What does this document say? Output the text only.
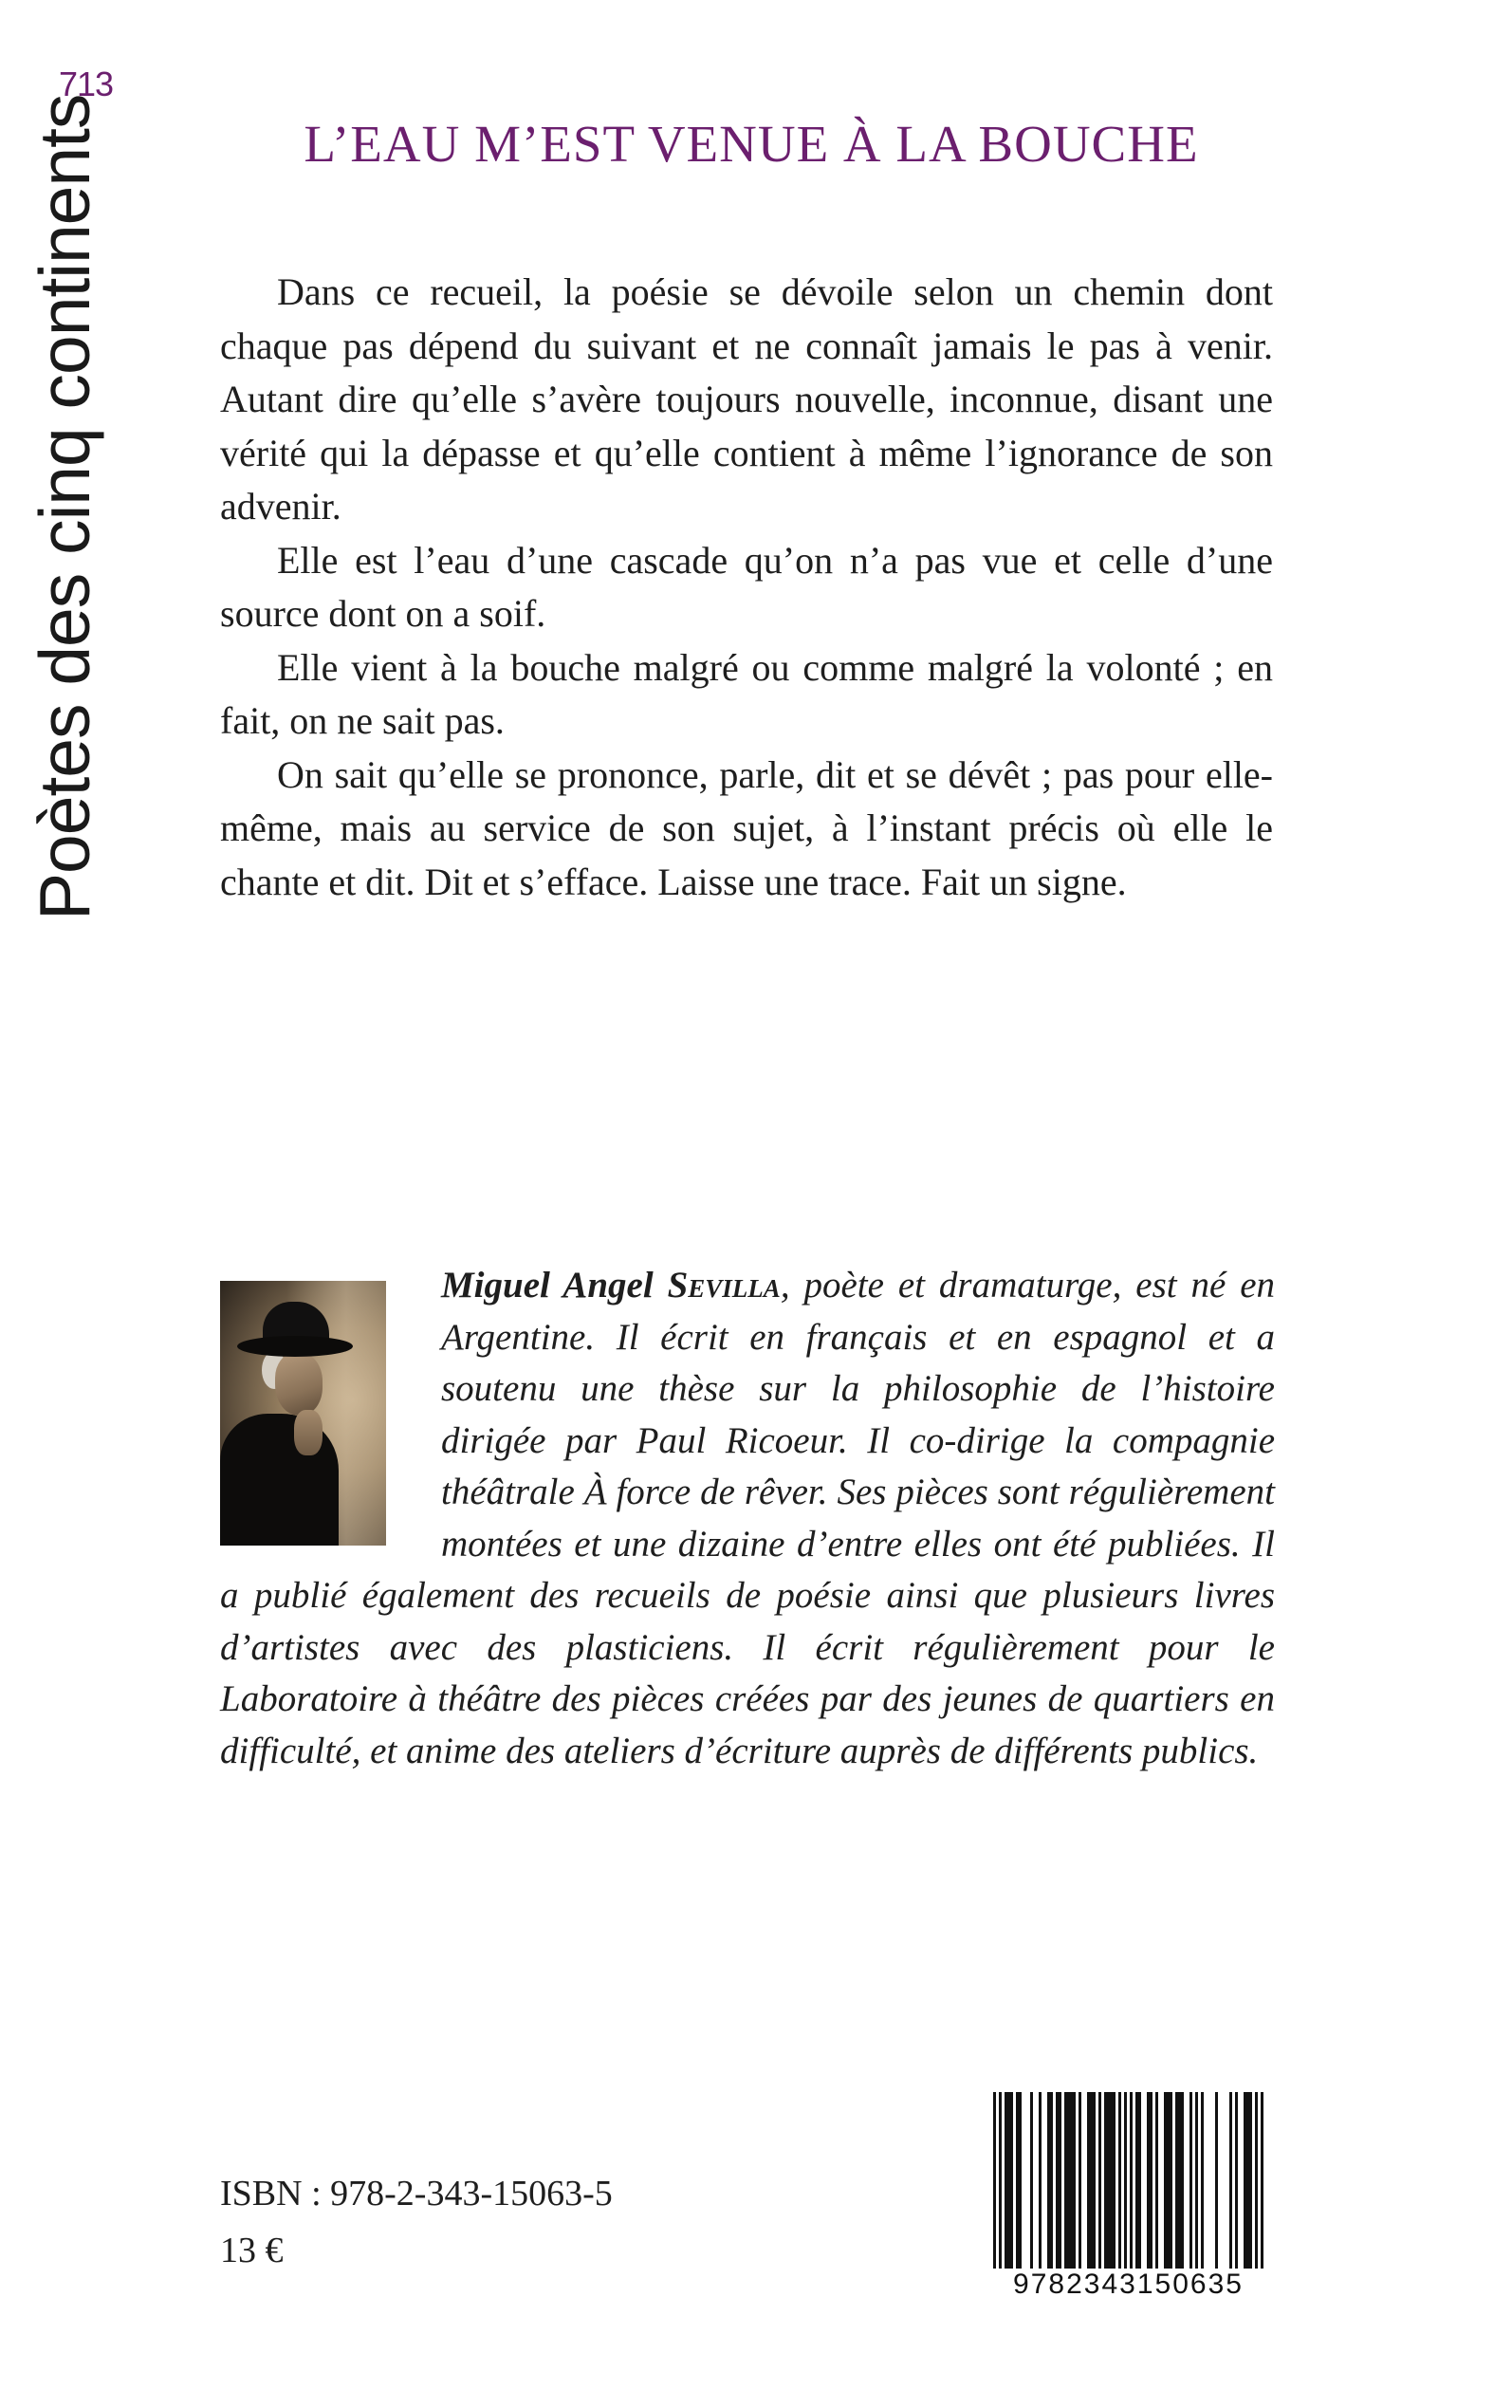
713
Poètes des cinq continents	L’EAU M’EST VENUE À LA BOUCHE

Dans ce recueil, la poésie se dévoile selon un chemin dont chaque pas dépend du suivant et ne connaît jamais le pas à venir. Autant dire qu’elle s’avère toujours nouvelle, inconnue, disant une vérité qui la dépasse et qu’elle contient à même l’ignorance de son advenir.

Elle est l’eau d’une cascade qu’on n’a pas vue et celle d’une source dont on a soif.

Elle vient à la bouche malgré ou comme malgré la volonté ; en fait, on ne sait pas.

On sait qu’elle se prononce, parle, dit et se dévêt ; pas pour elle-même, mais au service de son sujet, à l’instant précis où elle le chante et dit. Dit et s’efface. Laisse une trace. Fait un signe.

Miguel Angel Sevilla, poète et dramaturge, est né en Argentine. Il écrit en français et en espagnol et a soutenu une thèse sur la philosophie de l’histoire dirigée par Paul Ricoeur. Il co-dirige la compagnie théâtrale À force de rêver. Ses pièces sont régulièrement montées et une dizaine d’entre elles ont été publiées. Il a publié également des recueils de poésie ainsi que plusieurs livres d’artistes avec des plasticiens. Il écrit régulièrement pour le Laboratoire à théâtre des pièces créées par des jeunes de quartiers en difficulté, et anime des ateliers d’écriture auprès de différents publics.

ISBN : 978-2-343-15063-5
13 €
9782343150635
